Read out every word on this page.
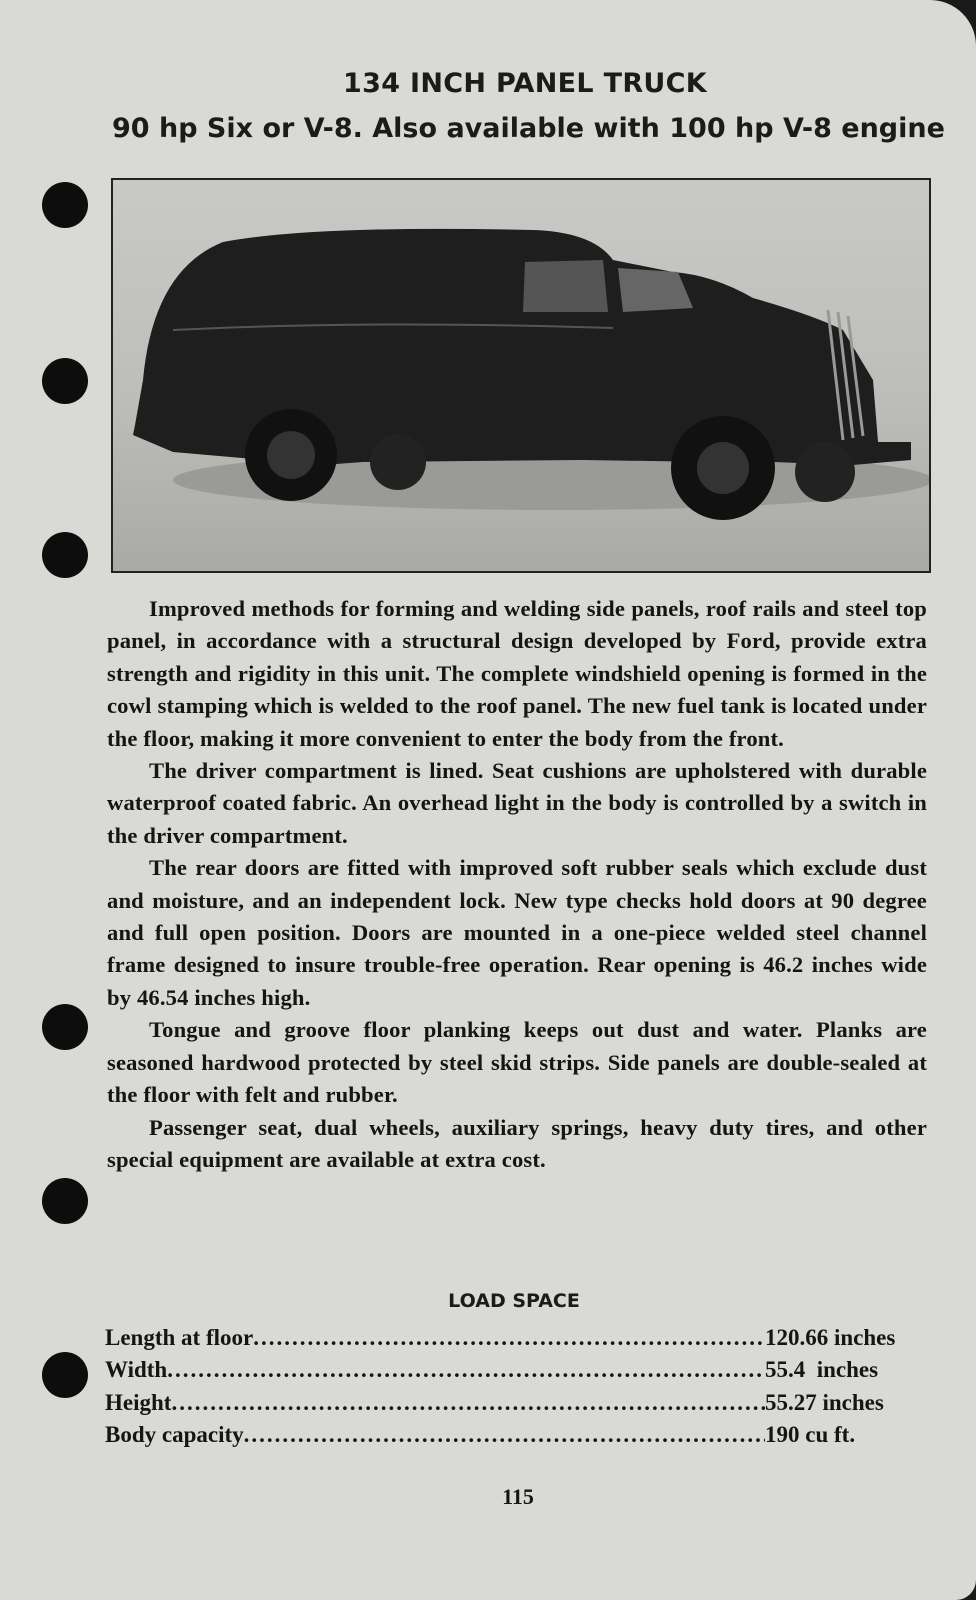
134 INCH PANEL TRUCK
90 hp Six or V-8. Also available with 100 hp V-8 engine

Improved methods for forming and welding side panels, roof rails and steel top panel, in accordance with a structural design developed by Ford, provide extra strength and rigidity in this unit. The complete windshield opening is formed in the cowl stamping which is welded to the roof panel. The new fuel tank is located under the floor, making it more convenient to enter the body from the front.

The driver compartment is lined. Seat cushions are upholstered with durable waterproof coated fabric. An overhead light in the body is controlled by a switch in the driver compartment.

The rear doors are fitted with improved soft rubber seals which exclude dust and moisture, and an independent lock. New type checks hold doors at 90 degree and full open position. Doors are mounted in a one-piece welded steel channel frame designed to insure trouble-free operation. Rear opening is 46.2 inches wide by 46.54 inches high.

Tongue and groove floor planking keeps out dust and water. Planks are seasoned hardwood protected by steel skid strips. Side panels are double-sealed at the floor with felt and rubber.

Passenger seat, dual wheels, auxiliary springs, heavy duty tires, and other special equipment are available at extra cost.

LOAD SPACE
Length at floor .....	120.66 inches
Width .....	55.4  inches
Height .....	55.27 inches
Body capacity .....	190 cu ft.
115
